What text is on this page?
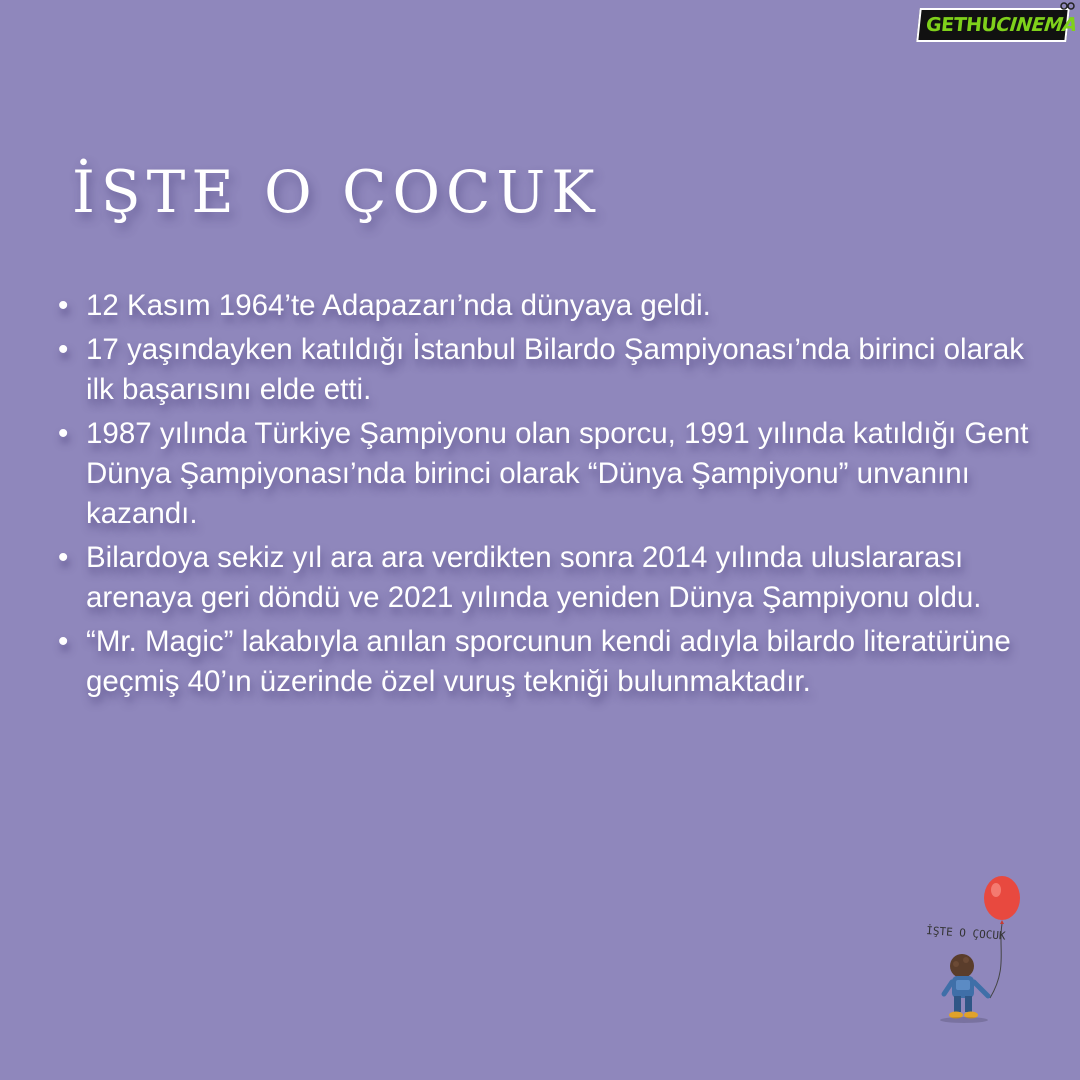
GETHU
CINEMA
İŞTE O ÇOCUK
• 12 Kasım 1964’te Adapazarı’nda dünyaya geldi.
• 17 yaşındayken katıldığı İstanbul Bilardo Şampiyonası’nda birinci olarak ilk başarısını elde etti.
• 1987 yılında Türkiye Şampiyonu olan sporcu, 1991 yılında katıldığı Gent Dünya Şampiyonası’nda birinci olarak “Dünya Şampiyonu” unvanını kazandı.
• Bilardoya sekiz yıl ara ara verdikten sonra 2014 yılında uluslararası arenaya geri döndü ve 2021 yılında yeniden Dünya Şampiyonu oldu.
• “Mr. Magic” lakabıyla anılan sporcunun kendi adıyla bilardo literatürüne geçmiş 40’ın üzerinde özel vuruş tekniği bulunmaktadır.
İŞTE O ÇOCUK
